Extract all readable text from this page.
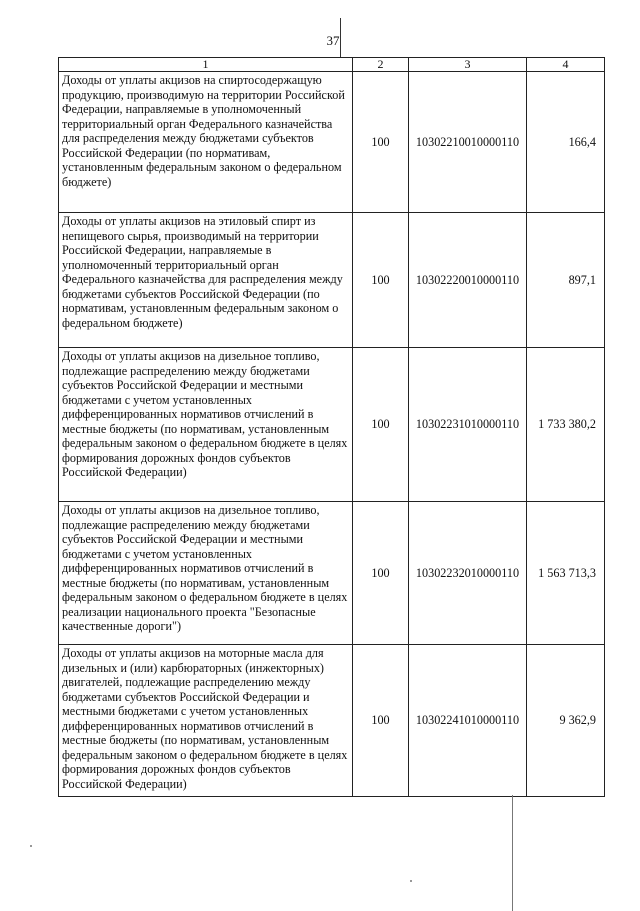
37
1	2	3	4
Доходы от уплаты акцизов на спиртосодержащую продукцию, производимую на территории Российской Федерации, направляемые в уполномоченный территориальный орган Федерального казначейства для распределения между бюджетами субъектов Российской Федерации (по нормативам, установленным федеральным законом о федеральном бюджете)	100	10302210010000110	166,4
Доходы от уплаты акцизов на этиловый спирт из непищевого сырья, производимый на территории Российской Федерации, направляемые в уполномоченный территориальный орган Федерального казначейства для распределения между бюджетами субъектов Российской Федерации (по нормативам, установленным федеральным законом о федеральном бюджете)	100	10302220010000110	897,1
Доходы от уплаты акцизов на дизельное топливо, подлежащие распределению между бюджетами субъектов Российской Федерации и местными бюджетами с учетом установленных дифференцированных нормативов отчислений в местные бюджеты (по нормативам, установленным федеральным законом о федеральном бюджете в целях формирования дорожных фондов субъектов Российской Федерации)	100	10302231010000110	1 733 380,2
Доходы от уплаты акцизов на дизельное топливо, подлежащие распределению между бюджетами субъектов Российской Федерации и местными бюджетами с учетом установленных дифференцированных нормативов отчислений в местные бюджеты (по нормативам, установленным федеральным законом о федеральном бюджете в целях реализации национального проекта "Безопасные качественные дороги")	100	10302232010000110	1 563 713,3
Доходы от уплаты акцизов на моторные масла для дизельных и (или) карбюраторных (инжекторных) двигателей, подлежащие распределению между бюджетами субъектов Российской Федерации и местными бюджетами с учетом установленных дифференцированных нормативов отчислений в местные бюджеты (по нормативам, установленным федеральным законом о федеральном бюджете в целях формирования дорожных фондов субъектов Российской Федерации)	100	10302241010000110	9 362,9
